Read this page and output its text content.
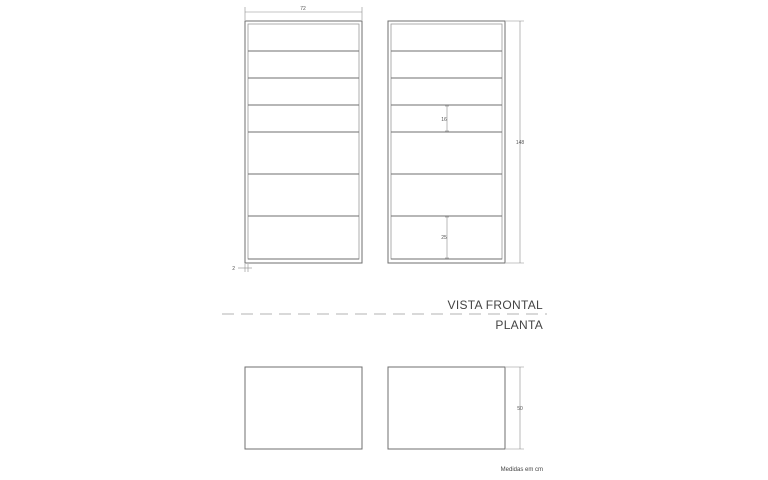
72
2
16
25
148
VISTA FRONTAL
PLANTA
50
Medidas em cm
